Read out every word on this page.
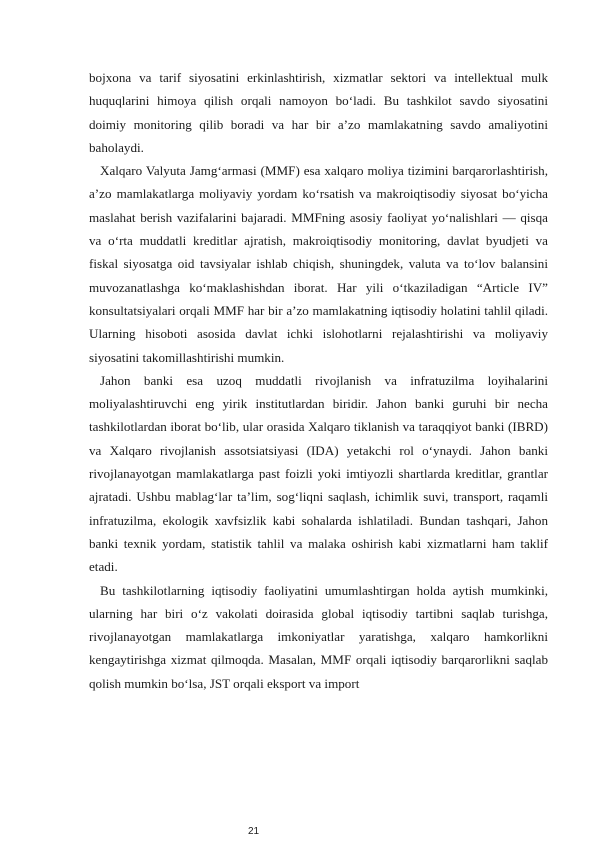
bojxona va tarif siyosatini erkinlashtirish, xizmatlar sektori va intellektual mulk huquqlarini himoya qilish orqali namoyon bo‘ladi. Bu tashkilot savdo siyosatini doimiy monitoring qilib boradi va har bir a’zo mamlakatning savdo amaliyotini baholaydi.

Xalqaro Valyuta Jamg‘armasi (MMF) esa xalqaro moliya tizimini barqarorlashtirish, a’zo mamlakatlarga moliyaviy yordam ko‘rsatish va makroiqtisodiy siyosat bo‘yicha maslahat berish vazifalarini bajaradi. MMFning asosiy faoliyat yo‘nalishlari — qisqa va o‘rta muddatli kreditlar ajratish, makroiqtisodiy monitoring, davlat byudjeti va fiskal siyosatga oid tavsiyalar ishlab chiqish, shuningdek, valuta va to‘lov balansini muvozanatlashga ko‘maklashishdan iborat. Har yili o‘tkaziladigan “Article IV” konsultatsiyalari orqali MMF har bir a’zo mamlakatning iqtisodiy holatini tahlil qiladi. Ularning hisoboti asosida davlat ichki islohotlarni rejalashtirishi va moliyaviy siyosatini takomillashtirishi mumkin.

Jahon banki esa uzoq muddatli rivojlanish va infratuzilma loyihalarini moliyalashtiruvchi eng yirik institutlardan biridir. Jahon banki guruhi bir necha tashkilotlardan iborat bo‘lib, ular orasida Xalqaro tiklanish va taraqqiyot banki (IBRD) va Xalqaro rivojlanish assotsiatsiyasi (IDA) yetakchi rol o‘ynaydi. Jahon banki rivojlanayotgan mamlakatlarga past foizli yoki imtiyozli shartlarda kreditlar, grantlar ajratadi. Ushbu mablag‘lar ta’lim, sog‘liqni saqlash, ichimlik suvi, transport, raqamli infratuzilma, ekologik xavfsizlik kabi sohalarda ishlatiladi. Bundan tashqari, Jahon banki texnik yordam, statistik tahlil va malaka oshirish kabi xizmatlarni ham taklif etadi.

Bu tashkilotlarning iqtisodiy faoliyatini umumlashtirgan holda aytish mumkinki, ularning har biri o‘z vakolati doirasida global iqtisodiy tartibni saqlab turishga, rivojlanayotgan mamlakatlarga imkoniyatlar yaratishga, xalqaro hamkorlikni kengaytirishga xizmat qilmoqda. Masalan, MMF orqali iqtisodiy barqarorlikni saqlab qolish mumkin bo‘lsa, JST orqali eksport va import

21
